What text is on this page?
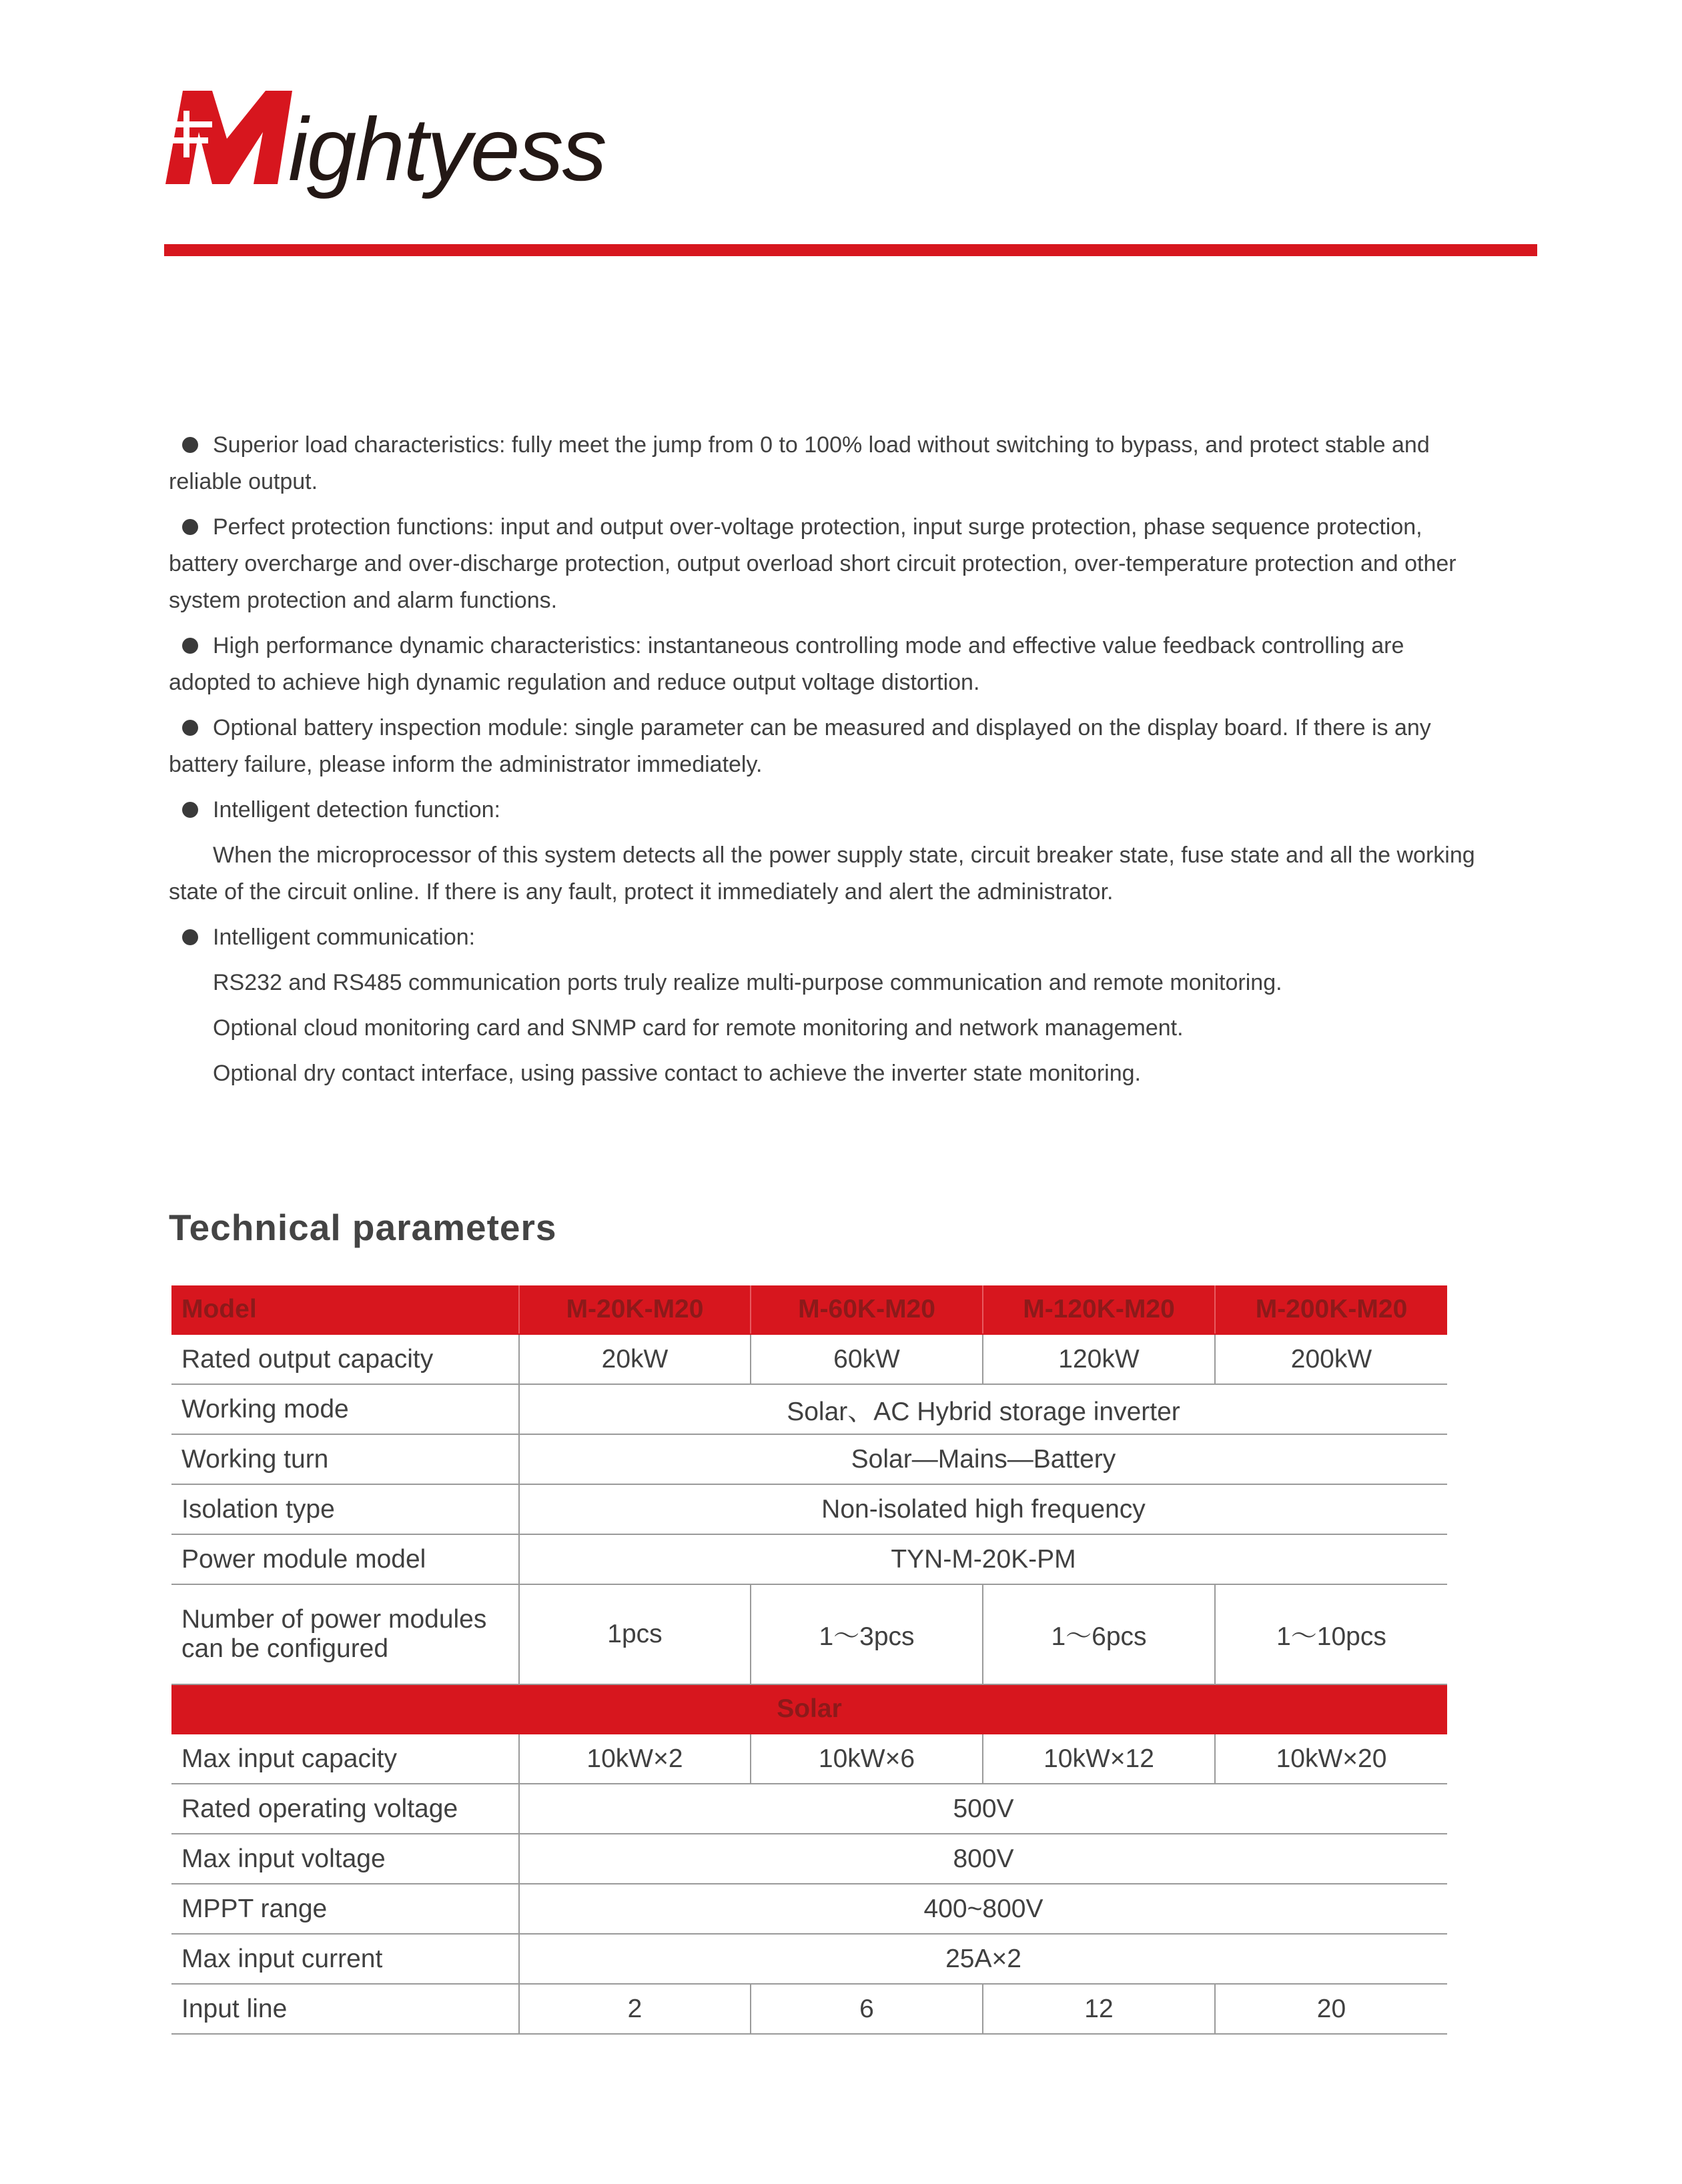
ightyess

Superior load characteristics: fully meet the jump from 0 to 100% load without switching to bypass, and protect stable and reliable output.

Perfect protection functions: input and output over-voltage protection, input surge protection, phase sequence protection, battery overcharge and over-discharge protection, output overload short circuit protection, over-temperature protection and other system protection and alarm functions.

High performance dynamic characteristics: instantaneous controlling mode and effective value feedback controlling are adopted to achieve high dynamic regulation and reduce output voltage distortion.

Optional battery inspection module: single parameter can be measured and displayed on the display board. If there is any battery failure, please inform the administrator immediately.

Intelligent detection function:

When the microprocessor of this system detects all the power supply state, circuit breaker state, fuse state and all the working state of the circuit online. If there is any fault, protect it immediately and alert the administrator.

Intelligent communication:

RS232 and RS485 communication ports truly realize multi-purpose communication and remote monitoring.

Optional cloud monitoring card and SNMP card for remote monitoring and network management.

Optional dry contact interface, using passive contact to achieve the inverter state monitoring.

Technical parameters
Model	M-20K-M20	M-60K-M20	M-120K-M20	M-200K-M20
Rated output capacity	20kW	60kW	120kW	200kW
Working mode	Solar、AC Hybrid storage inverter			
Working turn	Solar—Mains—Battery			
Isolation type	Non-isolated high frequency			
Power module model	TYN-M-20K-PM			
Number of power modules can be configured	1pcs	1～3pcs	1～6pcs	1～10pcs
Solar				
Max input capacity	10kW×2	10kW×6	10kW×12	10kW×20
Rated operating voltage	500V			
Max input voltage	800V			
MPPT range	400~800V			
Max input current	25A×2			
Input line	2	6	12	20
